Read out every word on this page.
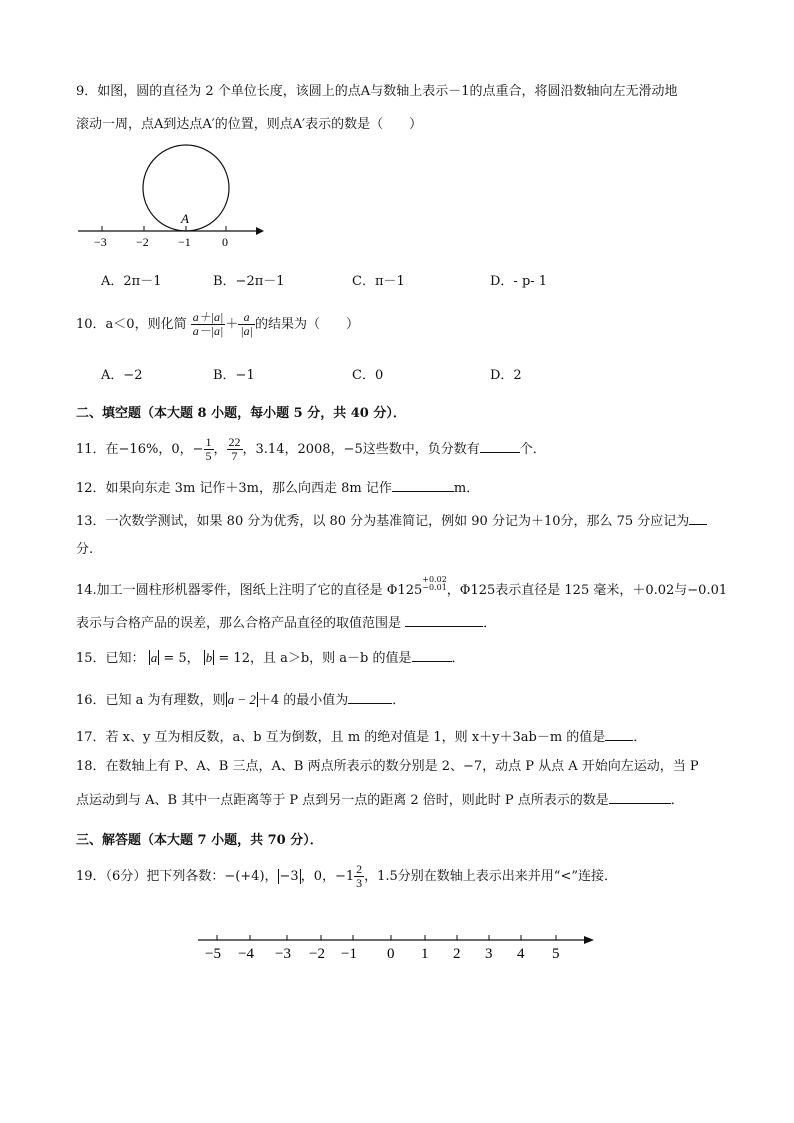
9．如图，圆的直径为 2 个单位长度，该圆上的点A与数轴上表示－1的点重合，将圆沿数轴向左无滑动地
滚动一周，点A到达点A′的位置，则点A′表示的数是（　　）
A
−3 −2 −1	0
A．2π－1	B．−2π－1	C．π－1	D．- p- 1
10．a＜0，则化简 $\frac{a+|a|}{a-|a|} + \frac{a}{|a|}$ 的结果为（　　）
A．−2	B．−1	C．0	D．2
二、填空题（本大题 8 小题，每小题 5 分，共 40 分）．
11．在−16%，0，− $\frac{1}{5}$ ， $\frac{22}{7}$ ，3.14，2008，−5这些数中，负分数有	个．
12．如果向东走 3m 记作＋3m，那么向西走 8m 记作	m．
13．一次数学测试，如果 80 分为优秀，以 80 分为基准简记，例如 90 分记为＋10分，那么 75 分应记为
分.
14.加工一圆柱形机器零件，图纸上注明了它的直径是 Φ125
$^{+0.02 -0.01}$ ，Φ125表示直径是 125 毫米，＋0.02与−0.01
表示与合格产品的误差，那么合格产品直径的取值范围是	．
15．已知： a = 5， b = 12，且 a＞b，则 a－b 的值是	．
16．已知 a 为有理数，则 a − 2 ＋4 的最小值为	．
17．若 x、y 互为相反数，a、b 互为倒数，且 m 的绝对值是 1，则 x＋y＋3ab－m 的值是 ．
18．在数轴上有 P、A、B 三点，A、B 两点所表示的数分别是 2、−7，动点 P 从点 A 开始向左运动，当 P
点运动到与 A、B 其中一点距离等于 P 点到另一点的距离 2 倍时，则此时 P 点所表示的数是	．
三、解答题（本大题 7 小题，共 70 分）．
19．（6分）把下列各数：−(+4)， −3 ，0，$-1 \frac{2}{3}$ ，1.5分别在数轴上表示出来并用“<”连接．
−5 −4 −3 −2 −1 0 1 2 3 4 5
